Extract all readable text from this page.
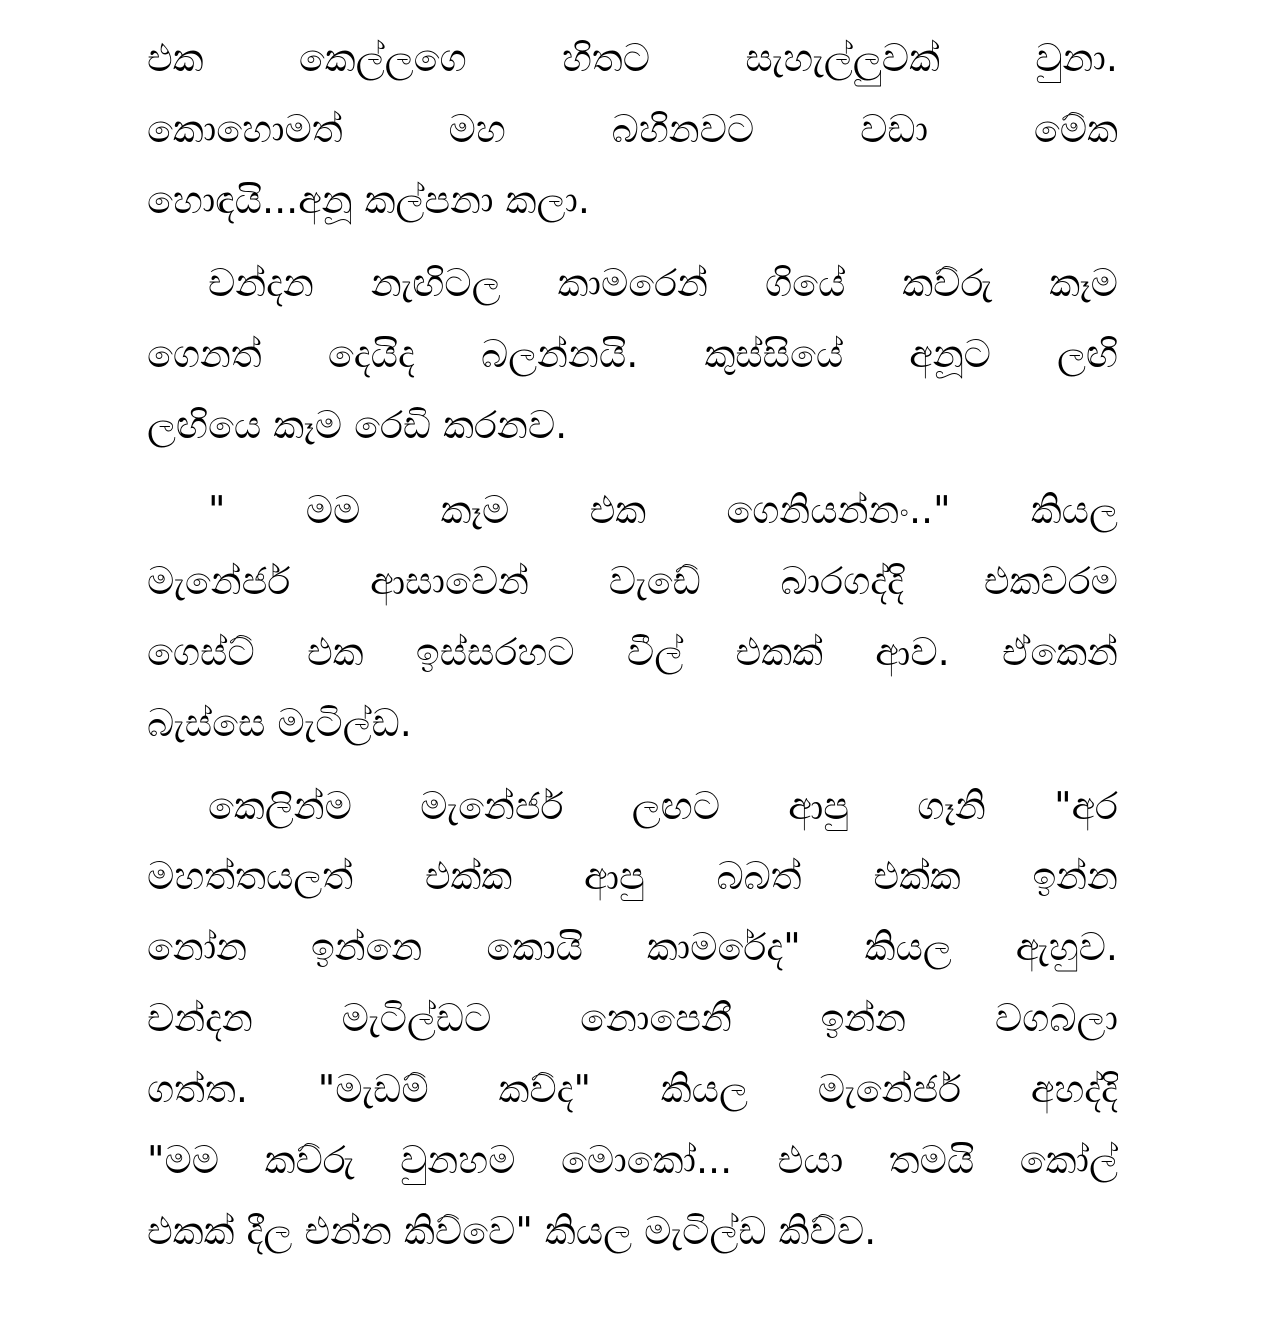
එක කෙල්ලගෙ හිතට සැහැල්ලුවක් වුනා.
කොහොමත් මහ බහිනවට වඩා මේක
හොඳයි...අනූ කල්පනා කලා.
චන්දන නැඟිටල කාමරෙන් ගියේ කව්රු කෑම
ගෙනත් දෙයිද බලන්නයි. කුස්සියේ අනූට ලඟි
ලඟියෙ කෑම රෙඩි කරනව.
" මම කෑම එක ගෙනියන්නං.." කියල
මැනේජර් ආසාවෙන් වැඩේ බාරගද්දි එකවරම
ගෙස්ට් එක ඉස්සරහට වීල් එකක් ආව. ඒකෙන්
බැස්සෙ මැටිල්ඩ.
කෙලින්ම මැනේජර් ලඟට ආපු ගෑනි "අර
මහත්තයලත් එක්ක ආපු බබත් එක්ක ඉන්න
නෝන ඉන්නෙ කොයි කාමරේද" කියල ඇහුව.
චන්දන මැටිල්ඩට නොපෙනී ඉන්න වගබලා
ගත්ත. "මැඩම් කව්ද" කියල මැනේජර් අහද්දි
"මම කව්රු වුනහම මොකෝ... එයා තමයි කෝල්
එකක් දීල එන්න කිව්වෙ" කියල මැටිල්ඩ කිව්ව.
